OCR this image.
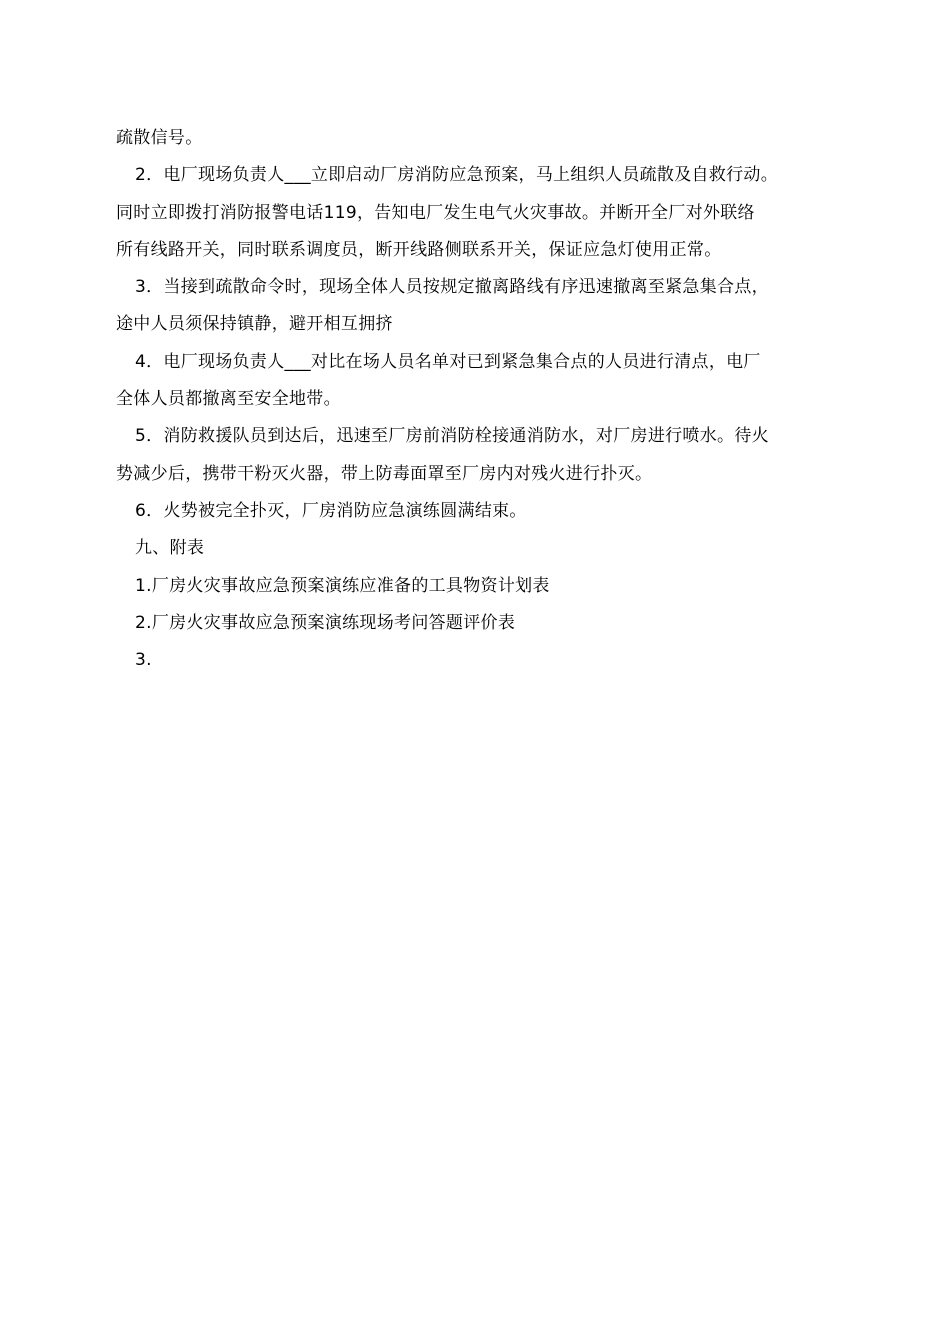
疏散信号。
2．电厂现场负责人___立即启动厂房消防应急预案，马上组织人员疏散及自救行动。
同时立即拨打消防报警电话119，告知电厂发生电气火灾事故。并断开全厂对外联络
所有线路开关，同时联系调度员，断开线路侧联系开关，保证应急灯使用正常。
3．当接到疏散命令时，现场全体人员按规定撤离路线有序迅速撤离至紧急集合点，
途中人员须保持镇静，避开相互拥挤
4．电厂现场负责人___对比在场人员名单对已到紧急集合点的人员进行清点，电厂
全体人员都撤离至安全地带。
5．消防救援队员到达后，迅速至厂房前消防栓接通消防水，对厂房进行喷水。待火
势减少后，携带干粉灭火器，带上防毒面罩至厂房内对残火进行扑灭。
6．火势被完全扑灭，厂房消防应急演练圆满结束。
九、附表
1.厂房火灾事故应急预案演练应准备的工具物资计划表
2.厂房火灾事故应急预案演练现场考问答题评价表
3.
